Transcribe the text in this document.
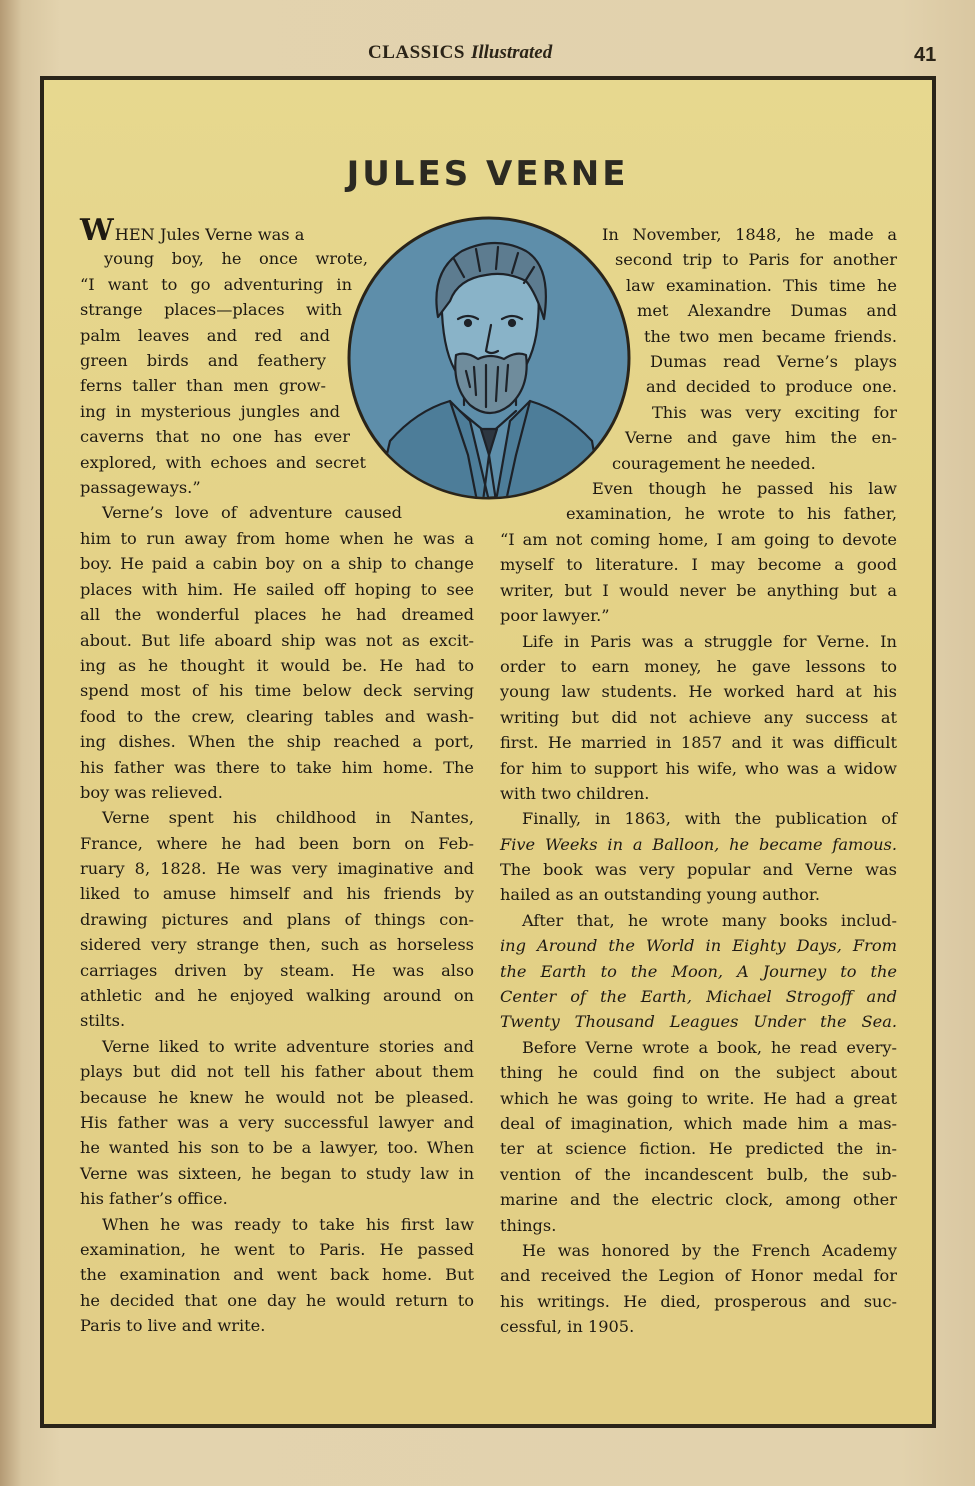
CLASSICS Illustrated	41
JULES VERNE
WHEN Jules Verne was a
young boy, he once wrote,
“I want to go adventuring in
strange places—places with
palm leaves and red and
green birds and feathery
ferns taller than men grow-
ing in mysterious jungles and
caverns that no one has ever
explored, with echoes and secret
passageways.”
Verne’s love of adventure caused
him to run away from home when he was a
boy. He paid a cabin boy on a ship to change
places with him. He sailed off hoping to see
all the wonderful places he had dreamed
about. But life aboard ship was not as excit-
ing as he thought it would be. He had to
spend most of his time below deck serving
food to the crew, clearing tables and wash-
ing dishes. When the ship reached a port,
his father was there to take him home. The
boy was relieved.
Verne spent his childhood in Nantes,
France, where he had been born on Feb-
ruary 8, 1828. He was very imaginative and
liked to amuse himself and his friends by
drawing pictures and plans of things con-
sidered very strange then, such as horseless
carriages driven by steam. He was also
athletic and he enjoyed walking around on
stilts.
Verne liked to write adventure stories and
plays but did not tell his father about them
because he knew he would not be pleased.
His father was a very successful lawyer and
he wanted his son to be a lawyer, too. When
Verne was sixteen, he began to study law in
his father’s office.
When he was ready to take his first law
examination, he went to Paris. He passed
the examination and went back home. But
he decided that one day he would return to
Paris to live and write.
In November, 1848, he made a
second trip to Paris for another
law examination. This time he
met Alexandre Dumas and
the two men became friends.
Dumas read Verne’s plays
and decided to produce one.
This was very exciting for
Verne and gave him the en-
couragement he needed.
Even though he passed his law
examination, he wrote to his father,
“I am not coming home, I am going to devote
myself to literature. I may become a good
writer, but I would never be anything but a
poor lawyer.”
Life in Paris was a struggle for Verne. In
order to earn money, he gave lessons to
young law students. He worked hard at his
writing but did not achieve any success at
first. He married in 1857 and it was difficult
for him to support his wife, who was a widow
with two children.
Finally, in 1863, with the publication of
Five Weeks in a Balloon, he became famous.
The book was very popular and Verne was
hailed as an outstanding young author.
After that, he wrote many books includ-
ing Around the World in Eighty Days, From
the Earth to the Moon, A Journey to the
Center of the Earth, Michael Strogoff and
Twenty Thousand Leagues Under the Sea.
Before Verne wrote a book, he read every-
thing he could find on the subject about
which he was going to write. He had a great
deal of imagination, which made him a mas-
ter at science fiction. He predicted the in-
vention of the incandescent bulb, the sub-
marine and the electric clock, among other
things.
He was honored by the French Academy
and received the Legion of Honor medal for
his writings. He died, prosperous and suc-
cessful, in 1905.
